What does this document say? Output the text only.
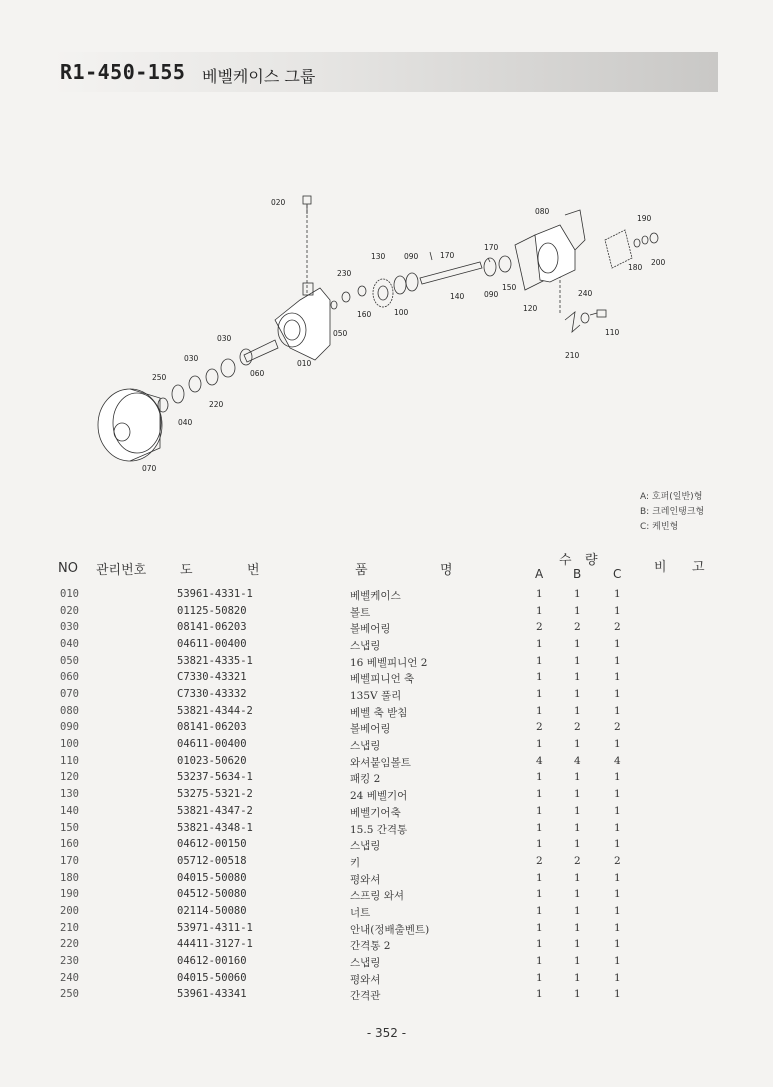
R1-450-155 베벨케이스 그룹
020
080
190
130 090	170
170
230
180
200
100
140	090
150
160
240
120
050
030
010
110
030
060
250
210
220
040
070
A: 호퍼(일반)형
B: 크레인탱크형
C: 케빈형
NO 관리번호	도	번	품	명
수 량
A B	C	비 고
010	53961-4331-1	베벨케이스	1	1	1
020	01125-50820	볼트	1	1	1
030	08141-06203	볼베어링	2	2	2
040	04611-00400	스냅링	1	1	1
050	53821-4335-1	16 베벨피니언 2	1	1	1
060	C7330-43321	베벨피니언 축	1	1	1
070	C7330-43332	135V 풀리	1	1	1
080	53821-4344-2	베벨 축 받침	1	1	1
090	08141-06203	볼베어링	2	2	2
100	04611-00400	스냅링	1	1	1
110	01023-50620	와셔붙임볼트	4	4	4
120	53237-5634-1	패킹 2	1	1	1
130	53275-5321-2	24 베벨기어	1	1	1
140	53821-4347-2	베벨기어축	1	1	1
150	53821-4348-1	15.5 간격통	1	1	1
160	04612-00150	스냅링	1	1	1
170	05712-00518	키	2	2	2
180	04015-50080	평와셔	1	1	1
190	04512-50080	스프링 와셔	1	1	1
200	02114-50080	너트	1	1	1
210	53971-4311-1	안내(정배출벤트)	1	1	1
220	44411-3127-1	간격통 2	1	1	1
230	04612-00160	스냅링	1	1	1
240	04015-50060	평와셔	1	1	1
250	53961-43341	간격관	1	1	1
- 352 -
